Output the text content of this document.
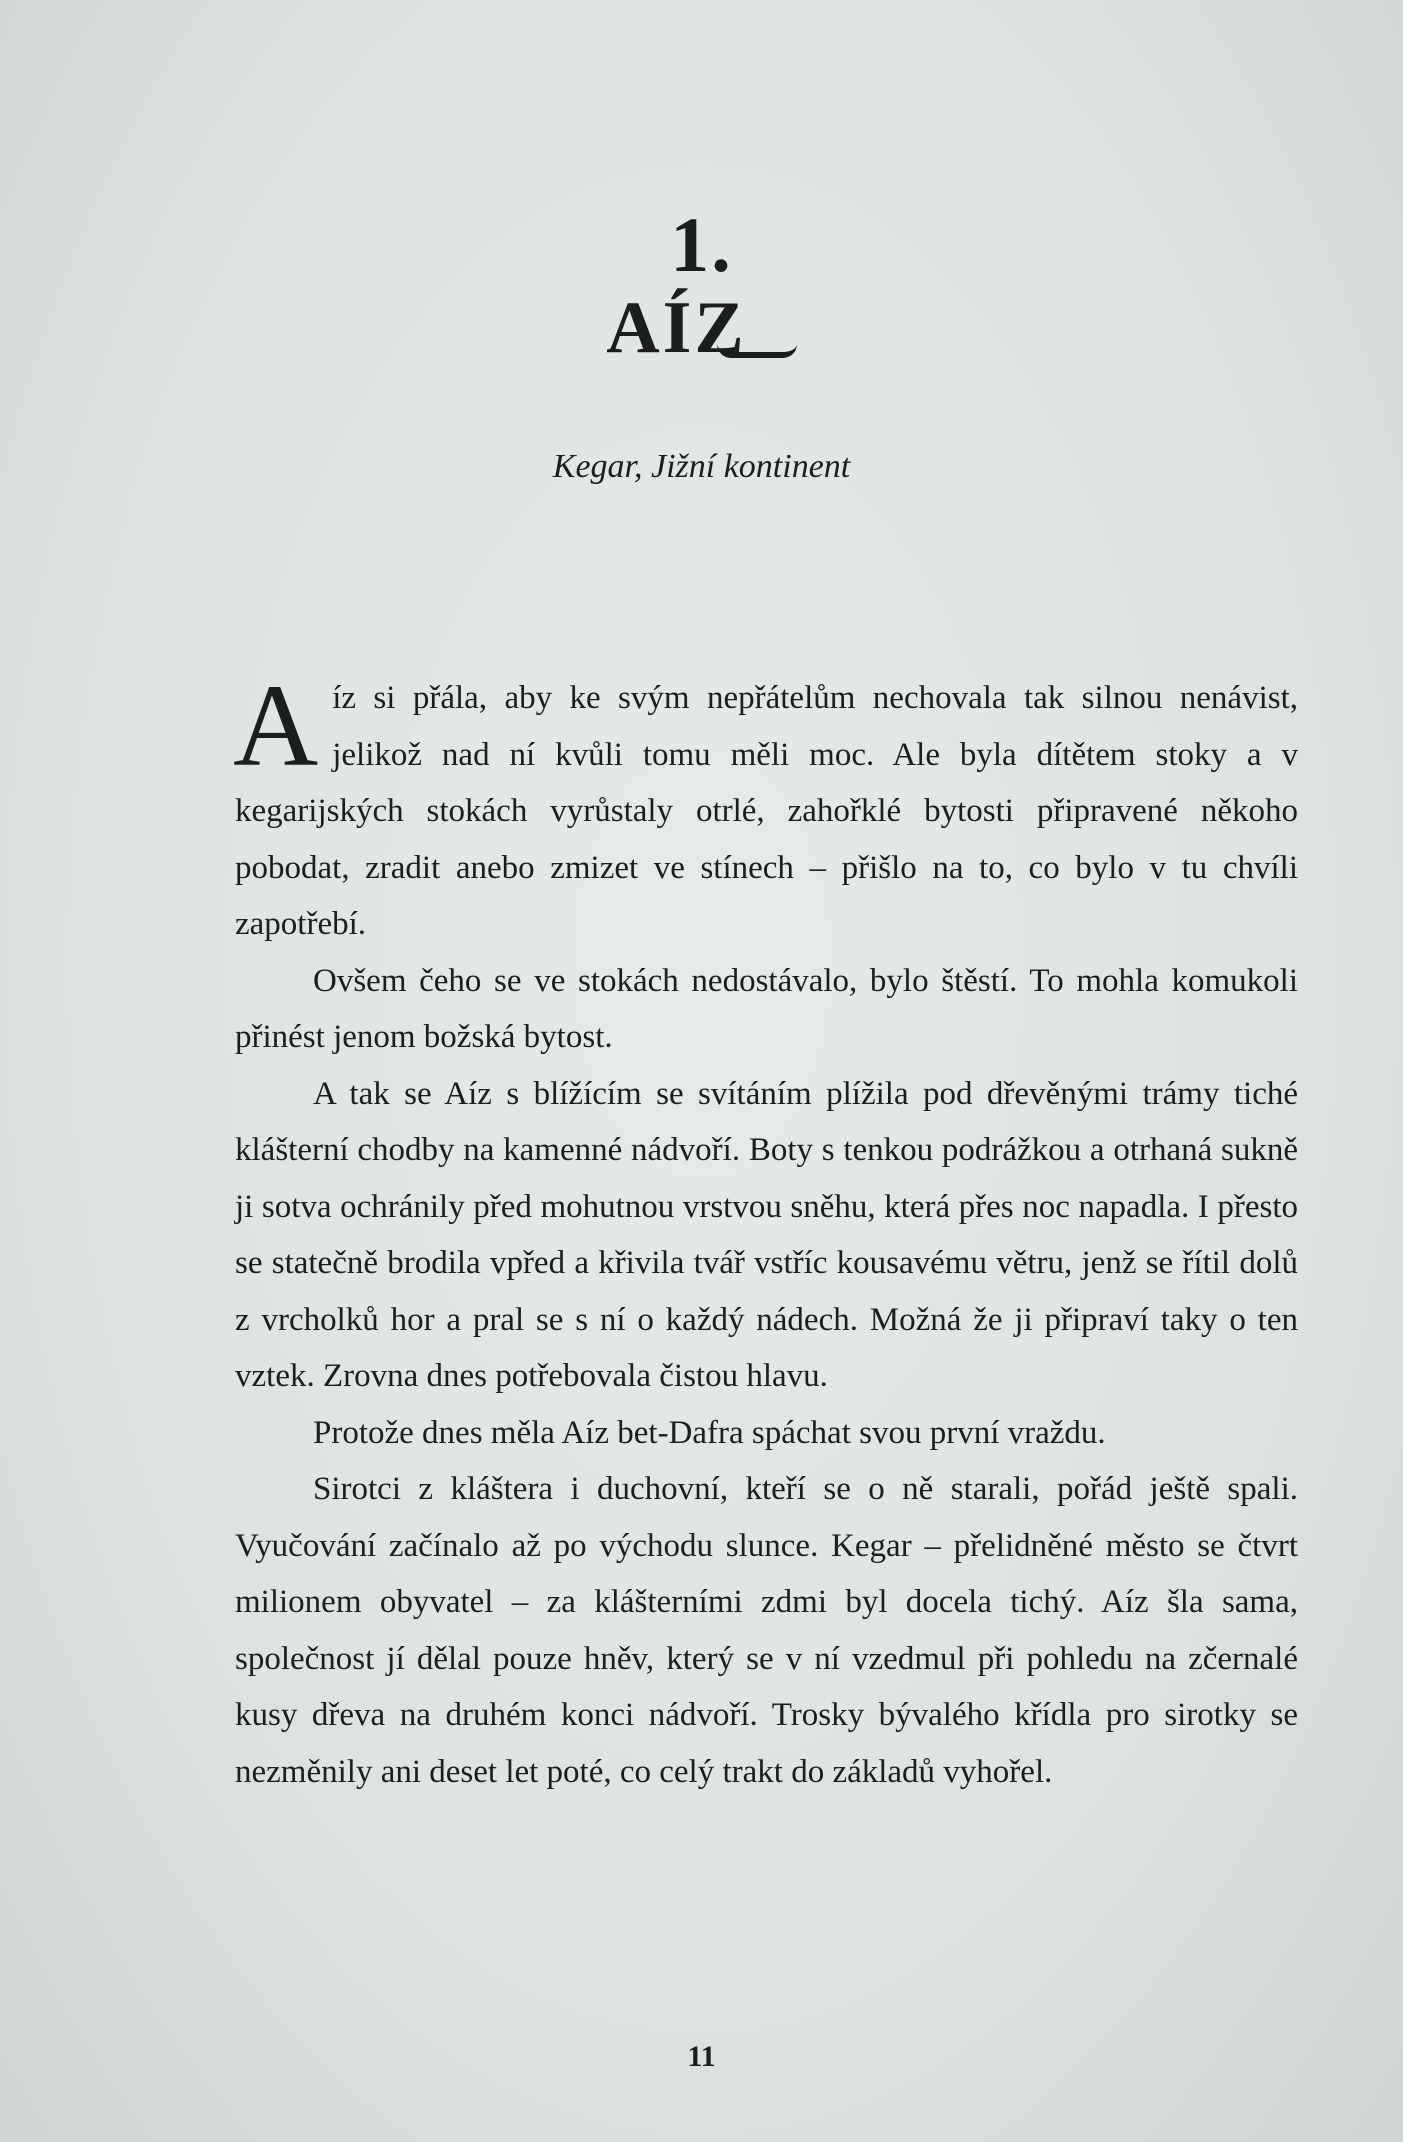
1.
AÍZ
Kegar, Jižní kontinent

Aíz si přála, aby ke svým nepřátelům nechovala tak silnou nenávist, jelikož nad ní kvůli tomu měli moc. Ale byla dítětem stoky a v kegarijských stokách vyrůstaly otrlé, zahořklé bytosti připravené někoho pobodat, zradit anebo zmizet ve stínech – přišlo na to, co bylo v tu chvíli zapotřebí.

Ovšem čeho se ve stokách nedostávalo, bylo štěstí. To mohla komukoli přinést jenom božská bytost.

A tak se Aíz s blížícím se svítáním plížila pod dřevěnými trámy tiché klášterní chodby na kamenné nádvoří. Boty s tenkou podrážkou a otrhaná sukně ji sotva ochránily před mohutnou vrstvou sněhu, která přes noc napadla. I přesto se statečně brodila vpřed a křivila tvář vstříc kousavému větru, jenž se řítil dolů z vrcholků hor a pral se s ní o každý nádech. Možná že ji připraví taky o ten vztek. Zrovna dnes potřebovala čistou hlavu.

Protože dnes měla Aíz bet-Dafra spáchat svou první vraždu.

Sirotci z kláštera i duchovní, kteří se o ně starali, pořád ještě spali. Vyučování začínalo až po východu slunce. Kegar – přelidněné město se čtvrt milionem obyvatel – za klášterními zdmi byl docela tichý. Aíz šla sama, společnost jí dělal pouze hněv, který se v ní vzedmul při pohledu na zčernalé kusy dřeva na druhém konci nádvoří. Trosky bývalého křídla pro sirotky se nezměnily ani deset let poté, co celý trakt do základů vyhořel.

11
